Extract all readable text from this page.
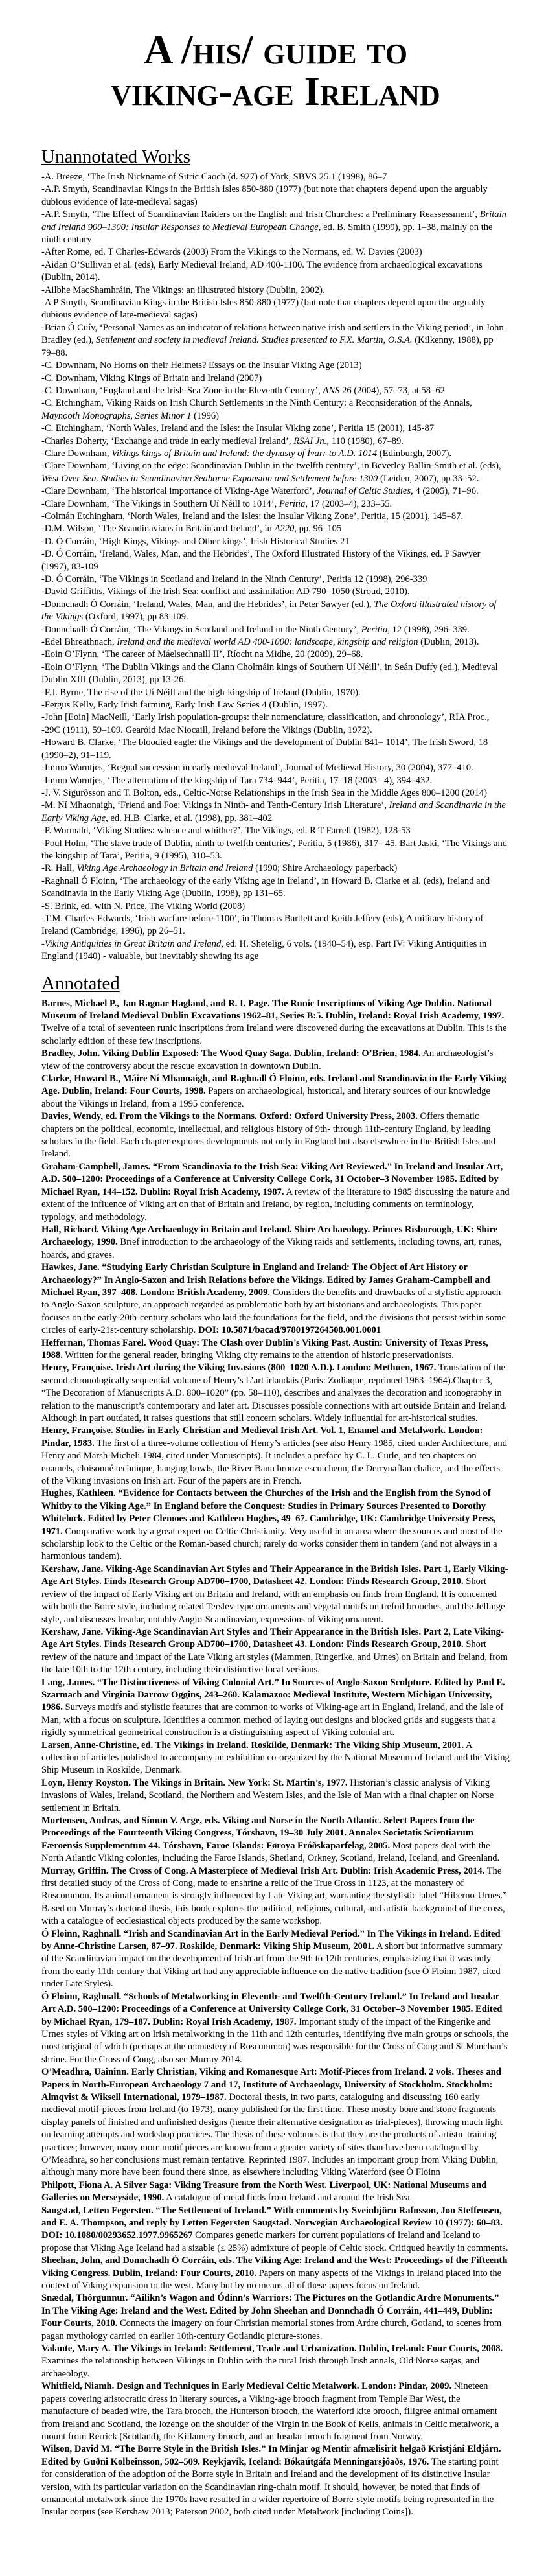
A /his/ guide to
viking-age Ireland
Unannotated Works

-A. Breeze, ‘The Irish Nickname of Sitric Caoch (d. 927) of York, SBVS 25.1 (1998), 86–7

-A.P. Smyth, Scandinavian Kings in the British Isles 850-880 (1977) (but note that chapters depend upon the arguably dubious evidence of late-medieval sagas)

-A.P. Smyth, ‘The Effect of Scandinavian Raiders on the English and Irish Churches: a Preliminary Reassessment’, Britain and Ireland 900–1300: Insular Responses to Medieval European Change, ed. B. Smith (1999), pp. 1–38, mainly on the ninth century

-After Rome, ed. T Charles-Edwards (2003) From the Vikings to the Normans, ed. W. Davies (2003)

-Aidan O’Sullivan et al. (eds), Early Medieval Ireland, AD 400-1100. The evidence from archaeological excavations (Dublin, 2014).

-Ailbhe MacShamhráin, The Vikings: an illustrated history (Dublin, 2002).

-A P Smyth, Scandinavian Kings in the British Isles 850-880 (1977) (but note that chapters depend upon the arguably dubious evidence of late-medieval sagas)

-Brian Ó Cuív, ‘Personal Names as an indicator of relations between native irish and settlers in the Viking period’, in John Bradley (ed.), Settlement and society in medieval Ireland. Studies presented to F.X. Martin, O.S.A. (Kilkenny, 1988), pp 79–88.

-C. Downham, No Horns on their Helmets? Essays on the Insular Viking Age (2013)

-C. Downham, Viking Kings of Britain and Ireland (2007)

-C. Downham, ‘England and the Irish-Sea Zone in the Eleventh Century’, ANS 26 (2004), 57–73, at 58–62

-C. Etchingham, Viking Raids on Irish Church Settlements in the Ninth Century: a Reconsideration of the Annals, Maynooth Monographs, Series Minor 1 (1996)

-C. Etchingham, ‘North Wales, Ireland and the Isles: the Insular Viking zone’, Peritia 15 (2001), 145-87

-Charles Doherty, ‘Exchange and trade in early medieval Ireland’, RSAI Jn., 110 (1980), 67–89.

-Clare Downham, Vikings kings of Britain and Ireland: the dynasty of Ívarr to A.D. 1014 (Edinburgh, 2007).

-Clare Downham, ‘Living on the edge: Scandinavian Dublin in the twelfth century’, in Beverley Ballin-Smith et al. (eds), West Over Sea. Studies in Scandinavian Seaborne Expansion and Settlement before 1300 (Leiden, 2007), pp 33–52.

-Clare Downham, ‘The historical importance of Viking-Age Waterford’, Journal of Celtic Studies, 4 (2005), 71–96.

-Clare Downham, ‘The Vikings in Southern Uí Néill to 1014’, Peritia, 17 (2003–4), 233–55.

-Colmán Etchingham, ‘North Wales, Ireland and the Isles: the Insular Viking Zone’, Peritia, 15 (2001), 145–87.

-D.M. Wilson, ‘The Scandinavians in Britain and Ireland’, in A220, pp. 96–105

-D. Ó Corráin, ‘High Kings, Vikings and Other kings’, Irish Historical Studies 21

-D. Ó Corráin, ‘Ireland, Wales, Man, and the Hebrides’, The Oxford Illustrated History of the Vikings, ed. P Sawyer (1997), 83-109

-D. Ó Corráin, ‘The Vikings in Scotland and Ireland in the Ninth Century’, Peritia 12 (1998), 296-339

-David Griffiths, Vikings of the Irish Sea: conflict and assimilation AD 790–1050 (Stroud, 2010).

-Donnchadh Ó Corráin, ‘Ireland, Wales, Man, and the Hebrides’, in Peter Sawyer (ed.), The Oxford illustrated history of the Vikings (Oxford, 1997), pp 83-109.

-Donnchadh Ó Corráin, ‘The Vikings in Scotland and Ireland in the Ninth Century’, Peritia, 12 (1998), 296–339.

-Edel Bhreathnach, Ireland and the medieval world AD 400-1000: landscape, kingship and religion (Dublin, 2013).

-Eoin O’Flynn, ‘The career of Máelsechnaill II’, Ríocht na Midhe, 20 (2009), 29–68.

-Eoin O’Flynn, ‘The Dublin Vikings and the Clann Cholmáin kings of Southern Uí Néill’, in Seán Duffy (ed.), Medieval Dublin XIII (Dublin, 2013), pp 13-26.

-F.J. Byrne, The rise of the Uí Néill and the high-kingship of Ireland (Dublin, 1970).

-Fergus Kelly, Early Irish farming, Early Irish Law Series 4 (Dublin, 1997).

-John [Eoin] MacNeill, ‘Early Irish population-groups: their nomenclature, classification, and chronology’, RIA Proc., -29C (1911), 59–109. Gearóid Mac Niocaill, Ireland before the Vikings (Dublin, 1972).

-Howard B. Clarke, ‘The bloodied eagle: the Vikings and the development of Dublin 841– 1014’, The Irish Sword, 18 (1990–2), 91–119.

-Immo Warntjes, ‘Regnal succession in early medieval Ireland’, Journal of Medieval History, 30 (2004), 377–410.

-Immo Warntjes, ‘The alternation of the kingship of Tara 734–944’, Peritia, 17–18 (2003– 4), 394–432.

-J. V. Sigurðsson and T. Bolton, eds., Celtic-Norse Relationships in the Irish Sea in the Middle Ages 800–1200 (2014)

-M. Ní Mhaonaigh, ‘Friend and Foe: Vikings in Ninth- and Tenth-Century Irish Literature’, Ireland and Scandinavia in the Early Viking Age, ed. H.B. Clarke, et al. (1998), pp. 381–402

-P. Wormald, ‘Viking Studies: whence and whither?’, The Vikings, ed. R T Farrell (1982), 128-53

-Poul Holm, ‘The slave trade of Dublin, ninth to twelfth centuries’, Peritia, 5 (1986), 317– 45. Bart Jaski, ‘The Vikings and the kingship of Tara’, Peritia, 9 (1995), 310–53.

-R. Hall, Viking Age Archaeology in Britain and Ireland (1990; Shire Archaeology paperback)

-Raghnall Ó Floinn, ‘The archaeology of the early Viking age in Ireland’, in Howard B. Clarke et al. (eds), Ireland and Scandinavia in the Early Viking Age (Dublin, 1998), pp 131–65.

-S. Brink, ed. with N. Price, The Viking World (2008)

-T.M. Charles-Edwards, ‘Irish warfare before 1100’, in Thomas Bartlett and Keith Jeffery (eds), A military history of Ireland (Cambridge, 1996), pp 26–51.

-Viking Antiquities in Great Britain and Ireland, ed. H. Shetelig, 6 vols. (1940–54), esp. Part IV: Viking Antiquities in England (1940) - valuable, but inevitably showing its age

Annotated

Barnes, Michael P., Jan Ragnar Hagland, and R. I. Page. The Runic Inscriptions of Viking Age Dublin. National Museum of Ireland Medieval Dublin Excavations 1962–81, Series B:5. Dublin, Ireland: Royal Irish Academy, 1997. Twelve of a total of seventeen runic inscriptions from Ireland were discovered during the excavations at Dublin. This is the scholarly edition of these few inscriptions.

Bradley, John. Viking Dublin Exposed: The Wood Quay Saga. Dublin, Ireland: O’Brien, 1984. An archaeologist’s view of the controversy about the rescue excavation in downtown Dublin.

Clarke, Howard B., Máire Ní Mhaonaigh, and Raghnall Ó Floinn, eds. Ireland and Scandinavia in the Early Viking Age. Dublin, Ireland: Four Courts, 1998. Papers on archaeological, historical, and literary sources of our knowledge about the Vikings in Ireland, from a 1995 conference.

Davies, Wendy, ed. From the Vikings to the Normans. Oxford: Oxford University Press, 2003. Offers thematic chapters on the political, economic, intellectual, and religious history of 9th- through 11th-century England, by leading scholars in the field. Each chapter explores developments not only in England but also elsewhere in the British Isles and Ireland.

Graham-Campbell, James. “From Scandinavia to the Irish Sea: Viking Art Reviewed.” In Ireland and Insular Art, A.D. 500–1200: Proceedings of a Conference at University College Cork, 31 October–3 November 1985. Edited by Michael Ryan, 144–152. Dublin: Royal Irish Academy, 1987. A review of the literature to 1985 discussing the nature and extent of the influence of Viking art on that of Britain and Ireland, by region, including comments on terminology, typology, and methodology.

Hall, Richard. Viking Age Archaeology in Britain and Ireland. Shire Archaeology. Princes Risborough, UK: Shire Archaeology, 1990. Brief introduction to the archaeology of the Viking raids and settlements, including towns, art, runes, hoards, and graves.

Hawkes, Jane. “Studying Early Christian Sculpture in England and Ireland: The Object of Art History or Archaeology?” In Anglo-Saxon and Irish Relations before the Vikings. Edited by James Graham-Campbell and Michael Ryan, 397–408. London: British Academy, 2009. Considers the benefits and drawbacks of a stylistic approach to Anglo-Saxon sculpture, an approach regarded as problematic both by art historians and archaeologists. This paper focuses on the early-20th-century scholars who laid the foundations for the field, and the divisions that persist within some circles of early-21st-century scholarship. DOI: 10.5871/bacad/9780197264508.001.0001

Heffernan, Thomas Farel. Wood Quay: The Clash over Dublin’s Viking Past. Austin: University of Texas Press, 1988. Written for the general reader, bringing Viking city remains to the attention of historic preservationists.

Henry, Françoise. Irish Art during the Viking Invasions (800–1020 A.D.). London: Methuen, 1967. Translation of the second chronologically sequential volume of Henry’s L’art irlandais (Paris: Zodiaque, reprinted 1963–1964).Chapter 3, “The Decoration of Manuscripts A.D. 800–1020” (pp. 58–110), describes and analyzes the decoration and iconography in relation to the manuscript’s contemporary and later art. Discusses possible connections with art outside Britain and Ireland. Although in part outdated, it raises questions that still concern scholars. Widely influential for art-historical studies.

Henry, Françoise. Studies in Early Christian and Medieval Irish Art. Vol. 1, Enamel and Metalwork. London: Pindar, 1983. The first of a three-volume collection of Henry’s articles (see also Henry 1985, cited under Architecture, and Henry and Marsh-Micheli 1984, cited under Manuscripts). It includes a preface by C. L. Curle, and ten chapters on enamels, cloisonné technique, hanging bowls, the River Bann bronze escutcheon, the Derrynaflan chalice, and the effects of the Viking invasions on Irish art. Four of the papers are in French.

Hughes, Kathleen. “Evidence for Contacts between the Churches of the Irish and the English from the Synod of Whitby to the Viking Age.” In England before the Conquest: Studies in Primary Sources Presented to Dorothy Whitelock. Edited by Peter Clemoes and Kathleen Hughes, 49–67. Cambridge, UK: Cambridge University Press, 1971. Comparative work by a great expert on Celtic Christianity. Very useful in an area where the sources and most of the scholarship look to the Celtic or the Roman-based church; rarely do works consider them in tandem (and not always in a harmonious tandem).

Kershaw, Jane. Viking-Age Scandinavian Art Styles and Their Appearance in the British Isles. Part 1, Early Viking-Age Art Styles. Finds Research Group AD700–1700, Datasheet 42. London: Finds Research Group, 2010. Short review of the impact of Early Viking art on Britain and Ireland, with an emphasis on finds from England. It is concerned with both the Borre style, including related Terslev-type ornaments and vegetal motifs on trefoil brooches, and the Jellinge style, and discusses Insular, notably Anglo-Scandinavian, expressions of Viking ornament.

Kershaw, Jane. Viking-Age Scandinavian Art Styles and Their Appearance in the British Isles. Part 2, Late Viking-Age Art Styles. Finds Research Group AD700–1700, Datasheet 43. London: Finds Research Group, 2010. Short review of the nature and impact of the Late Viking art styles (Mammen, Ringerike, and Urnes) on Britain and Ireland, from the late 10th to the 12th century, including their distinctive local versions.

Lang, James. “The Distinctiveness of Viking Colonial Art.” In Sources of Anglo-Saxon Sculpture. Edited by Paul E. Szarmach and Virginia Darrow Oggins, 243–260. Kalamazoo: Medieval Institute, Western Michigan University, 1986. Surveys motifs and stylistic features that are common to works of Viking-age art in England, Ireland, and the Isle of Man, with a focus on sculpture. Identifies a common method of laying out designs and blocked grids and suggests that a rigidly symmetrical geometrical construction is a distinguishing aspect of Viking colonial art.

Larsen, Anne-Christine, ed. The Vikings in Ireland. Roskilde, Denmark: The Viking Ship Museum, 2001. A collection of articles published to accompany an exhibition co-organized by the National Museum of Ireland and the Viking Ship Museum in Roskilde, Denmark.

Loyn, Henry Royston. The Vikings in Britain. New York: St. Martin’s, 1977. Historian’s classic analysis of Viking invasions of Wales, Ireland, Scotland, the Northern and Western Isles, and the Isle of Man with a final chapter on Norse settlement in Britain.

Mortensen, Andras, and Símun V. Arge, eds. Viking and Norse in the North Atlantic. Select Papers from the Proceedings of the Fourteenth Viking Congress, Tórshavn, 19–30 July 2001. Annales Societatis Scientiarum Færoensis Supplementum 44. Tórshavn, Faroe Islands: Føroya Fróðskaparfelag, 2005. Most papers deal with the North Atlantic Viking colonies, including the Faroe Islands, Shetland, Orkney, Scotland, Ireland, Iceland, and Greenland.

Murray, Griffin. The Cross of Cong. A Masterpiece of Medieval Irish Art. Dublin: Irish Academic Press, 2014. The first detailed study of the Cross of Cong, made to enshrine a relic of the True Cross in 1123, at the monastery of Roscommon. Its animal ornament is strongly influenced by Late Viking art, warranting the stylistic label “Hiberno-Urnes.” Based on Murray’s doctoral thesis, this book explores the political, religious, cultural, and artistic background of the cross, with a catalogue of ecclesiastical objects produced by the same workshop.

Ó Floinn, Raghnall. “Irish and Scandinavian Art in the Early Medieval Period.” In The Vikings in Ireland. Edited by Anne-Christine Larsen, 87–97. Roskilde, Denmark: Viking Ship Museum, 2001. A short but informative summary of the Scandinavian impact on the development of Irish art from the 9th to 12th centuries, emphasizing that it was only from the early 11th century that Viking art had any appreciable influence on the native tradition (see Ó Floinn 1987, cited under Late Styles).

Ó Floinn, Raghnall. “Schools of Metalworking in Eleventh- and Twelfth-Century Ireland.” In Ireland and Insular Art A.D. 500–1200: Proceedings of a Conference at University College Cork, 31 October–3 November 1985. Edited by Michael Ryan, 179–187. Dublin: Royal Irish Academy, 1987. Important study of the impact of the Ringerike and Urnes styles of Viking art on Irish metalworking in the 11th and 12th centuries, identifying five main groups or schools, the most original of which (perhaps at the monastery of Roscommon) was responsible for the Cross of Cong and St Manchan’s shrine. For the Cross of Cong, also see Murray 2014.

O’Meadhra, Uaininn. Early Christian, Viking and Romanesque Art: Motif-Pieces from Ireland. 2 vols. Theses and Papers in North-European Archaeology 7 and 17, Institute of Archaeology, University of Stockholm. Stockholm: Almqvist & Wiksell International, 1979–1987. Doctoral thesis, in two parts, cataloguing and discussing 160 early medieval motif-pieces from Ireland (to 1973), many published for the first time. These mostly bone and stone fragments display panels of finished and unfinished designs (hence their alternative designation as trial-pieces), throwing much light on learning attempts and workshop practices. The thesis of these volumes is that they are the products of artistic training practices; however, many more motif pieces are known from a greater variety of sites than have been catalogued by O’Meadhra, so her conclusions must remain tentative. Reprinted 1987. Includes an important group from Viking Dublin, although many more have been found there since, as elsewhere including Viking Waterford (see Ó Floinn

Philpott, Fiona A. A Silver Saga: Viking Treasure from the North West. Liverpool, UK: National Museums and Galleries on Merseyside, 1990. A catalogue of metal finds from Ireland and around the Irish Sea.

Saugstad, Letten Fegersten. “The Settlement of Iceland.” With comments by Sveinbjörn Rafnsson, Jon Steffensen, and E. A. Thompson, and reply by Letten Fegersten Saugstad. Norwegian Archaeological Review 10 (1977): 60–83. DOI: 10.1080/00293652.1977.9965267 Compares genetic markers for current populations of Ireland and Iceland to propose that Viking Age Iceland had a sizable (≤ 25%) admixture of people of Celtic stock. Critiqued heavily in comments.

Sheehan, John, and Donnchadh Ó Corráin, eds. The Viking Age: Ireland and the West: Proceedings of the Fifteenth Viking Congress. Dublin, Ireland: Four Courts, 2010. Papers on many aspects of the Vikings in Ireland placed into the context of Viking expansion to the west. Many but by no means all of these papers focus on Ireland.

Snædal, Thórgunnur. “Ailikn’s Wagon and Ódinn’s Warriors: The Pictures on the Gotlandic Ardre Monuments.” In The Viking Age: Ireland and the West. Edited by John Sheehan and Donnchadh Ó Corráin, 441–449, Dublin: Four Courts, 2010. Connects the imagery on four Christian memorial stones from Ardre church, Gotland, to scenes from pagan mythology carried on earlier 10th-century Gotlandic picture-stones.

Valante, Mary A. The Vikings in Ireland: Settlement, Trade and Urbanization. Dublin, Ireland: Four Courts, 2008. Examines the relationship between Vikings in Dublin with the rural Irish through Irish annals, Old Norse sagas, and archaeology.

Whitfield, Niamh. Design and Techniques in Early Medieval Celtic Metalwork. London: Pindar, 2009. Nineteen papers covering aristocratic dress in literary sources, a Viking-age brooch fragment from Temple Bar West, the manufacture of beaded wire, the Tara brooch, the Hunterson brooch, the Waterford kite brooch, filigree animal ornament from Ireland and Scotland, the lozenge on the shoulder of the Virgin in the Book of Kells, animals in Celtic metalwork, a mount from Rerrick (Scotland), the Killamery brooch, and an Insular brooch fragment from Norway.

Wilson, David M. “The Borre Style in the British Isles.” In Minjar og Mentir afmælisirit helgað Kristjáni Eldjárn. Edited by Guðni Kolbeinsson, 502–509. Reykjavík, Iceland: Bókaútgáfa Menningarsjóaðs, 1976. The starting point for consideration of the adoption of the Borre style in Britain and Ireland and the development of its distinctive Insular version, with its particular variation on the Scandinavian ring-chain motif. It should, however, be noted that finds of ornamental metalwork since the 1970s have resulted in a wider repertoire of Borre-style motifs being represented in the Insular corpus (see Kershaw 2013; Paterson 2002, both cited under Metalwork [including Coins]).
